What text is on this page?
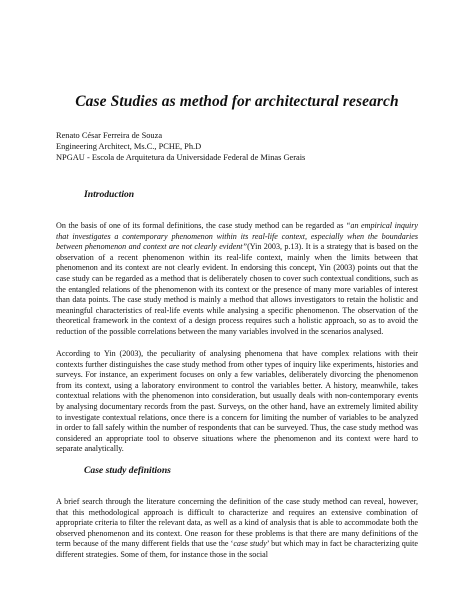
Case Studies as method for architectural research
Renato César Ferreira de Souza
Engineering Architect, Ms.C., PCHE, Ph.D
NPGAU - Escola de Arquitetura da Universidade Federal de Minas Gerais
Introduction

On the basis of one of its formal definitions, the case study method can be regarded as “an empirical inquiry that investigates a contemporary phenomenon within its real-life context, especially when the boundaries between phenomenon and context are not clearly evident”(Yin 2003, p.13). It is a strategy that is based on the observation of a recent phenomenon within its real-life context, mainly when the limits between that phenomenon and its context are not clearly evident. In endorsing this concept, Yin (2003) points out that the case study can be regarded as a method that is deliberately chosen to cover such contextual conditions, such as the entangled relations of the phenomenon with its context or the presence of many more variables of interest than data points. The case study method is mainly a method that allows investigators to retain the holistic and meaningful characteristics of real-life events while analysing a specific phenomenon. The observation of the theoretical framework in the context of a design process requires such a holistic approach, so as to avoid the reduction of the possible correlations between the many variables involved in the scenarios analysed.

According to Yin (2003), the peculiarity of analysing phenomena that have complex relations with their contexts further distinguishes the case study method from other types of inquiry like experiments, histories and surveys. For instance, an experiment focuses on only a few variables, deliberately divorcing the phenomenon from its context, using a laboratory environment to control the variables better. A history, meanwhile, takes contextual relations with the phenomenon into consideration, but usually deals with non-contemporary events by analysing documentary records from the past. Surveys, on the other hand, have an extremely limited ability to investigate contextual relations, once there is a concern for limiting the number of variables to be analyzed in order to fall safely within the number of respondents that can be surveyed. Thus, the case study method was considered an appropriate tool to observe situations where the phenomenon and its context were hard to separate analytically.

Case study definitions

A brief search through the literature concerning the definition of the case study method can reveal, however, that this methodological approach is difficult to characterize and requires an extensive combination of appropriate criteria to filter the relevant data, as well as a kind of analysis that is able to accommodate both the observed phenomenon and its context. One reason for these problems is that there are many definitions of the term because of the many different fields that use the ‘case study’ but which may in fact be characterizing quite different strategies. Some of them, for instance those in the social
